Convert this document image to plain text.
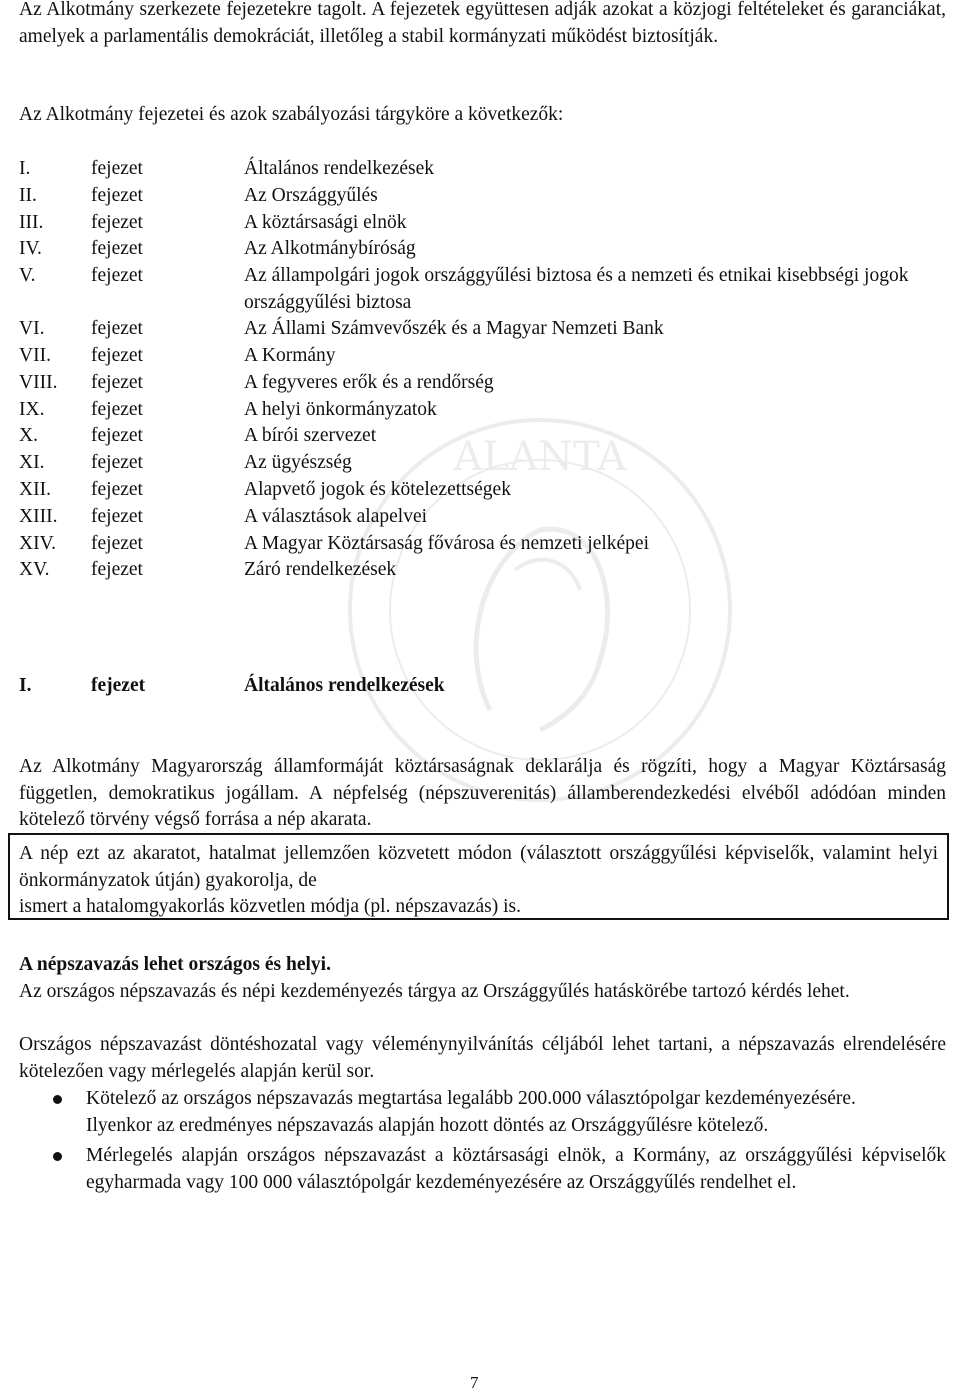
ALANTA

Az Alkotmány szerkezete fejezetekre tagolt. A fejezetek együttesen adják azokat a közjogi feltételeket és garanciákat, amelyek a parlamentális demokráciát, illetőleg a stabil kormányzati működést biztosítják.

Az Alkotmány fejezetei és azok szabályozási tárgyköre a következők:

I.	fejezet	Általános rendelkezések
II.	fejezet	Az Országgyűlés
III.	fejezet	A köztársasági elnök
IV.	fejezet	Az Alkotmánybíróság
V.	fejezet	Az állampolgári jogok országgyűlési biztosa és a nemzeti és etnikai kisebbségi jogok országgyűlési biztosa
VI.	fejezet	Az Állami Számvevőszék és a Magyar Nemzeti Bank
VII.	fejezet	A Kormány
VIII.	fejezet	A fegyveres erők és a rendőrség
IX.	fejezet	A helyi önkormányzatok
X.	fejezet	A bírói szervezet
XI.	fejezet	Az ügyészség
XII.	fejezet	Alapvető jogok és kötelezettségek
XIII.	fejezet	A választások alapelvei
XIV.	fejezet	A Magyar Köztársaság fővárosa és nemzeti jelképei
XV.	fejezet	Záró rendelkezések
I.	fejezet	Általános rendelkezések

Az Alkotmány Magyarország államformáját köztársaságnak deklarálja és rögzíti, hogy a Magyar Köztársaság független, demokratikus jogállam. A népfelség (népszuverenitás) államberendezkedési elvéből adódóan minden kötelező törvény végső forrása a nép akarata.

A nép ezt az akaratot, hatalmat jellemzően közvetett módon (választott országgyűlési képviselők, valamint helyi önkormányzatok útján) gyakorolja, de

ismert a hatalomgyakorlás közvetlen módja (pl. népszavazás) is.

A népszavazás lehet országos és helyi.

Az országos népszavazás és népi kezdeményezés tárgya az Országgyűlés hatáskörébe tartozó kérdés lehet.

Országos népszavazást döntéshozatal vagy véleménynyilvánítás céljából lehet tartani, a népszavazás elrendelésére kötelezően vagy mérlegelés alapján kerül sor.

Kötelező az országos népszavazás megtartása legalább 200.000 választópolgar kezdeményezésére.

Ilyenkor az eredményes népszavazás alapján hozott döntés az Országgyűlésre kötelező.

Mérlegelés alapján országos népszavazást a köztársasági elnök, a Kormány, az országgyűlési képviselők egyharmada vagy 100 000 választópolgár kezdeményezésére az Országgyűlés rendelhet el.

7
